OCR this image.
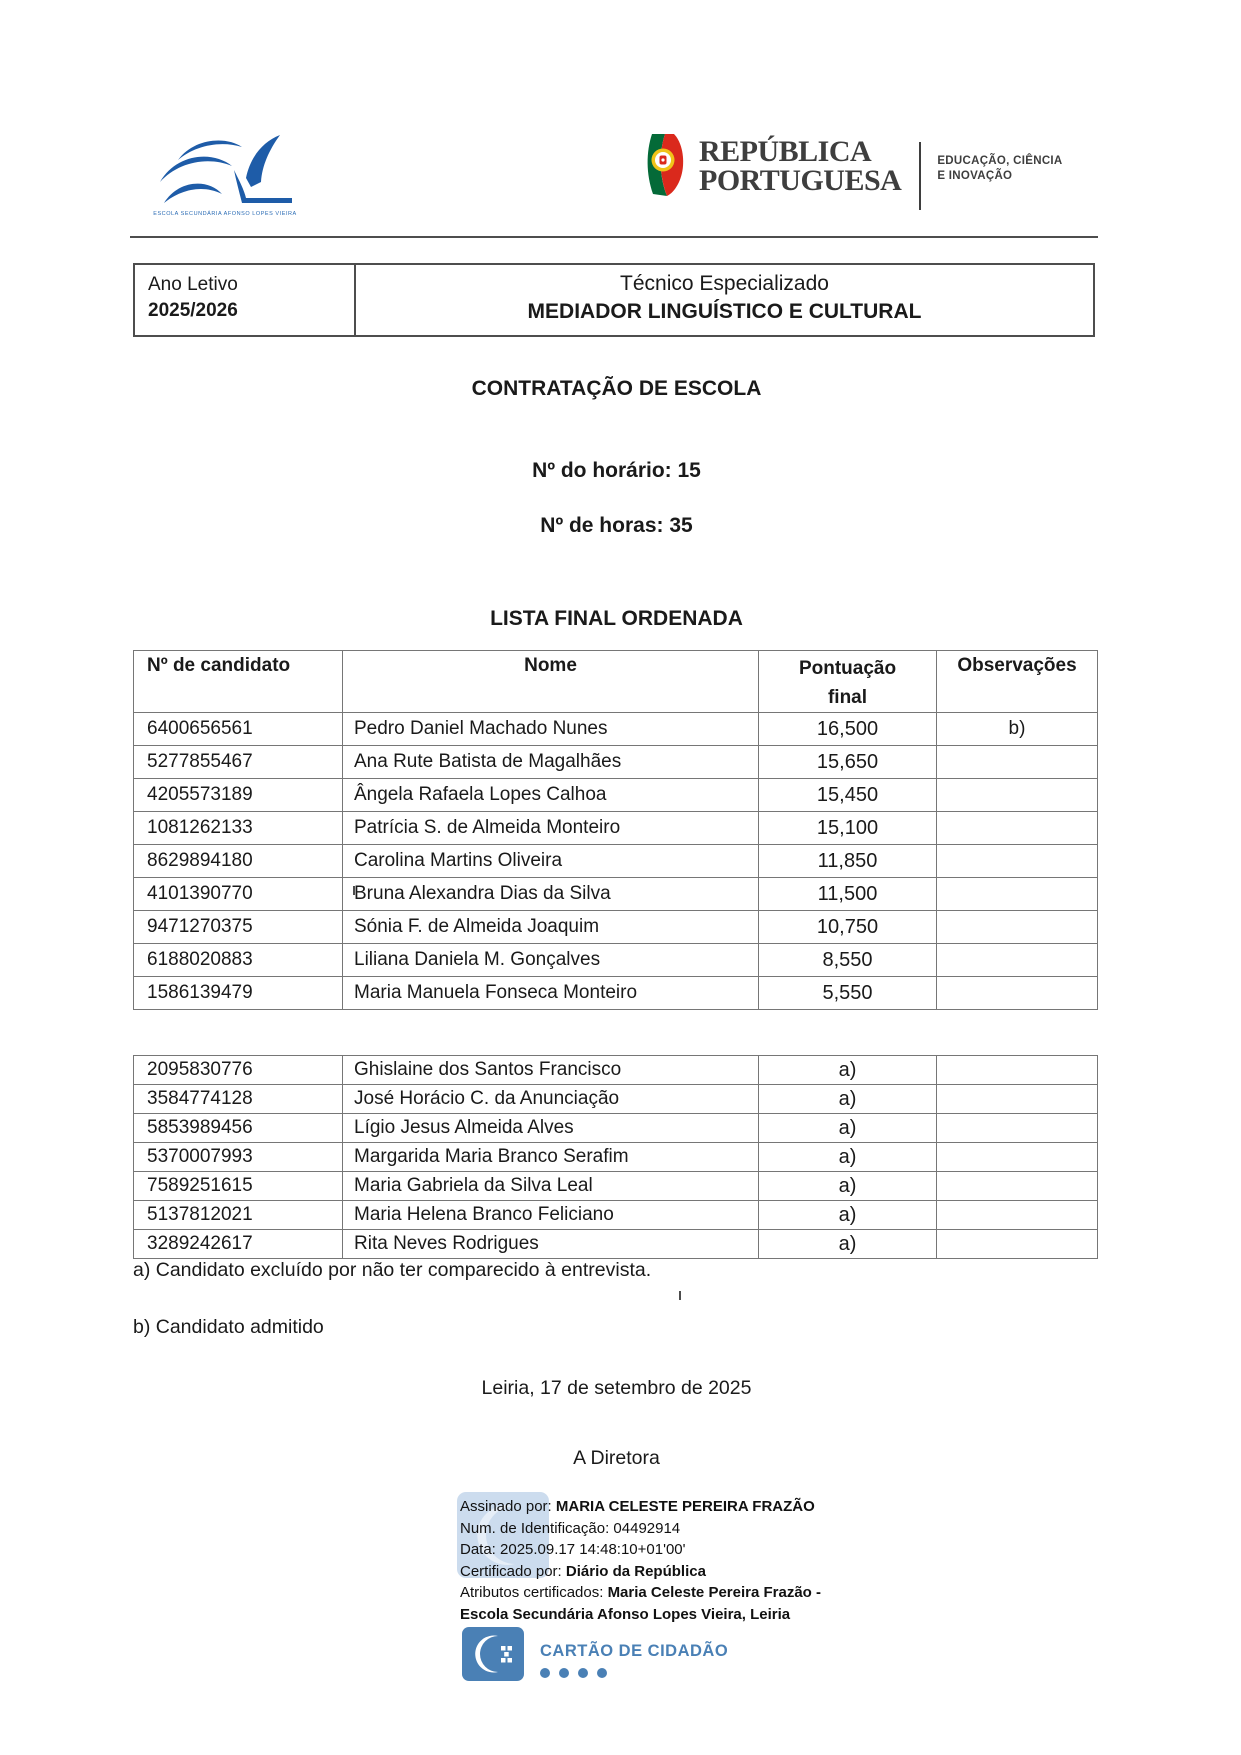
ESCOLA SECUNDÁRIA AFONSO LOPES VIEIRA
REPÚBLICA
PORTUGUESA
EDUCAÇÃO, CIÊNCIA
E INOVAÇÃO
Ano Letivo
2025/2026
Técnico Especializado
MEDIADOR LINGUÍSTICO E CULTURAL
CONTRATAÇÃO DE ESCOLA
Nº do horário: 15
Nº de horas: 35
LISTA FINAL ORDENADA
Nº de candidato	Nome	Pontuação final	Observações
6400656561	Pedro Daniel Machado Nunes	16,500	b)
5277855467	Ana Rute Batista de Magalhães	15,650	
4205573189	Ângela Rafaela Lopes Calhoa	15,450	
1081262133	Patrícia S. de Almeida Monteiro	15,100	
8629894180	Carolina Martins Oliveira	11,850	
4101390770	Bruna Alexandra Dias da Silva	11,500	
9471270375	Sónia F. de Almeida Joaquim	10,750	
6188020883	Liliana Daniela M. Gonçalves	8,550	
1586139479	Maria Manuela Fonseca Monteiro	5,550	
2095830776	Ghislaine dos Santos Francisco	a)	
3584774128	José Horácio C. da Anunciação	a)	
5853989456	Lígio Jesus Almeida Alves	a)	
5370007993	Margarida Maria Branco Serafim	a)	
7589251615	Maria Gabriela da Silva Leal	a)	
5137812021	Maria Helena Branco Feliciano	a)	
3289242617	Rita Neves Rodrigues	a)	
a) Candidato excluído por não ter comparecido à entrevista.
b) Candidato admitido
Leiria, 17 de setembro de 2025
A Diretora
Assinado por: MARIA CELESTE PEREIRA FRAZÃO
Num. de Identificação: 04492914
Data: 2025.09.17 14:48:10+01'00'
Certificado por: Diário da República
Atributos certificados: Maria Celeste Pereira Frazão -
Escola Secundária Afonso Lopes Vieira, Leiria
CARTÃO DE CIDADÃO
